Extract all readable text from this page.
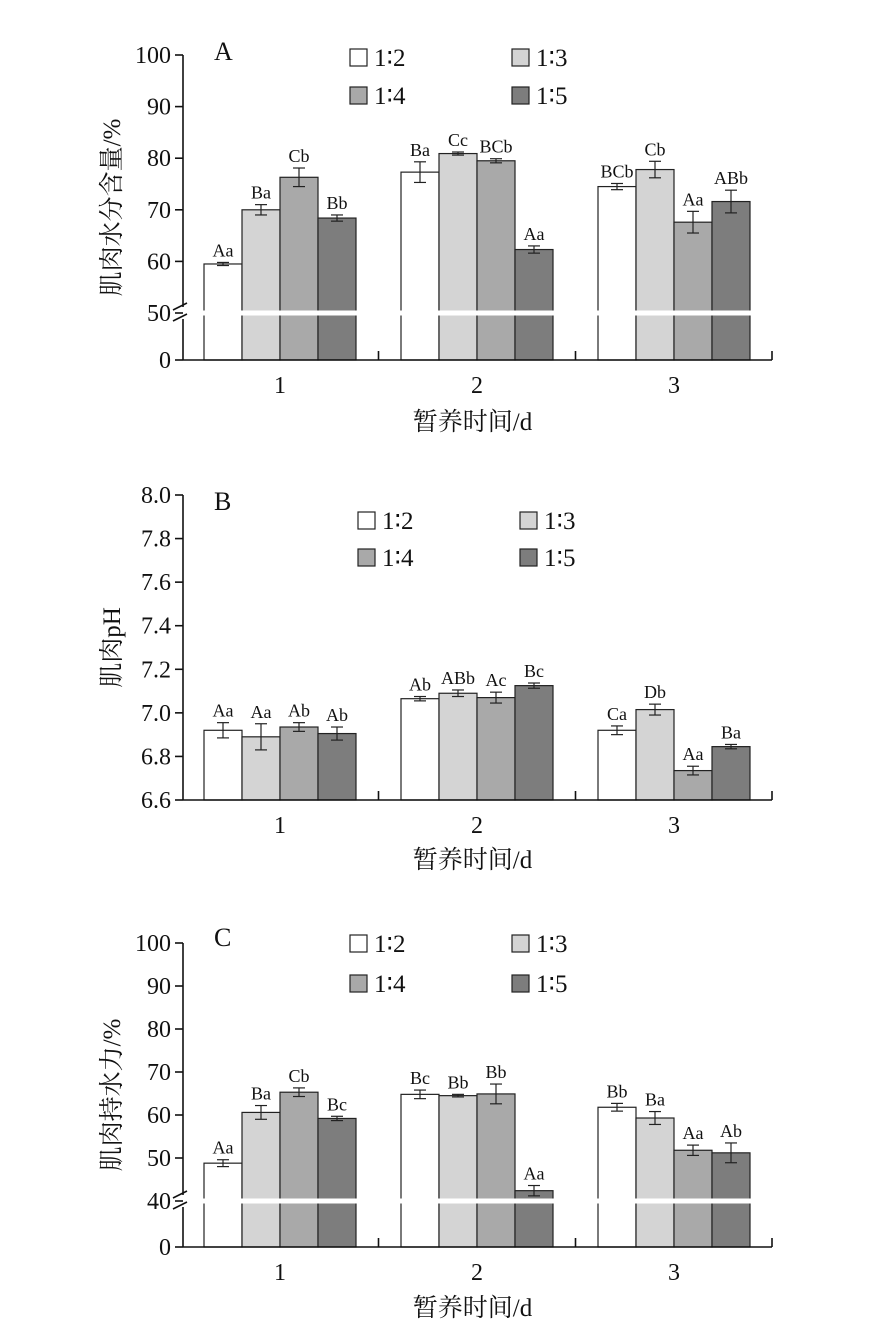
Aa
Ba
BCb
Ba
Cc	Cb
Cb	BCb
Aa
Bb
Aa
ABb
0
50
60
70
80
90
100
1	2	3
暂养时间/d
肌肉水分含量/%
A	1∶2	1∶3
1∶4	1∶5
Aa
Ab
Ca
Aa
ABb
Db
Ab
Ac
Aa
Ab
Bc
Ba
6.6
6.8
7.0
7.2
7.4
7.6
7.8
8.0
1	2	3
暂养时间/d
肌肉pH
B
1∶2	1∶3
1∶4	1∶5
Aa
Bc
Bb
Ba
Bb
Ba
Cb	Bb
Aa
Bc
Aa
Ab
0
40
50
60
70
80
90
100
1	2	3
暂养时间/d
肌肉持水力/%
C	1∶2	1∶3
1∶4	1∶5
